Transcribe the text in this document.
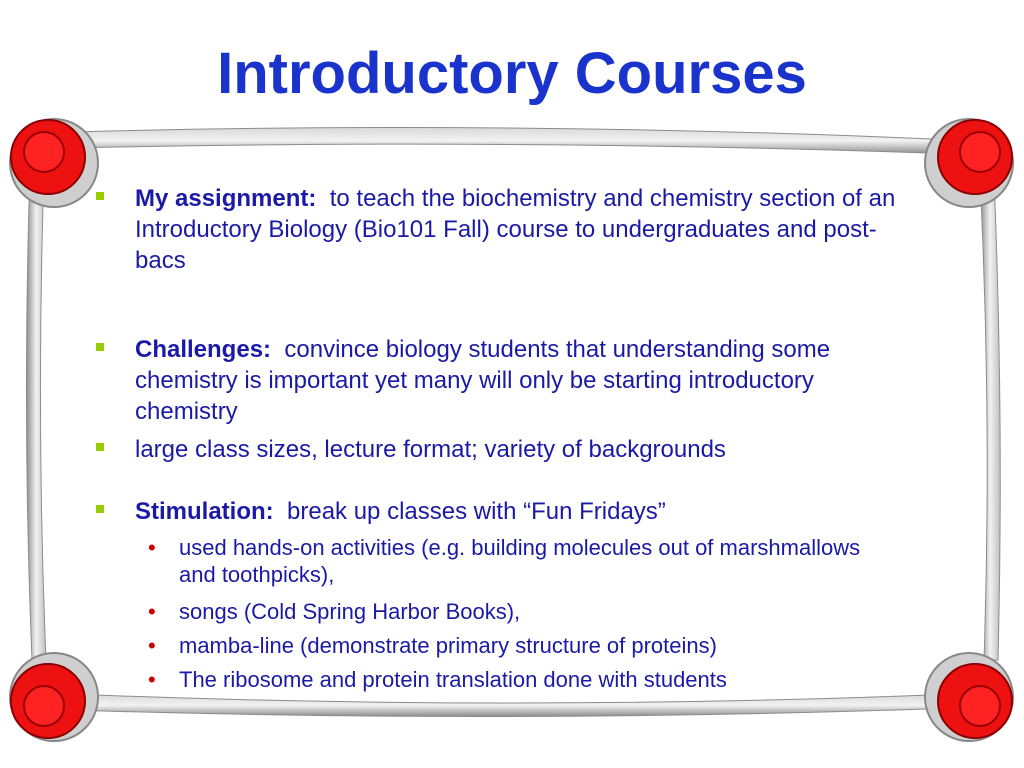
Introductory Courses
My assignment: to teach the biochemistry and chemistry section of an Introductory Biology (Bio101 Fall) course to undergraduates and post-bacs
Challenges: convince biology students that understanding some chemistry is important yet many will only be starting introductory chemistry
large class sizes, lecture format; variety of backgrounds
Stimulation: break up classes with “Fun Fridays”
• used hands-on activities (e.g. building molecules out of marshmallows and toothpicks),
• songs (Cold Spring Harbor Books),
• mamba-line (demonstrate primary structure of proteins)
• The ribosome and protein translation done with students
